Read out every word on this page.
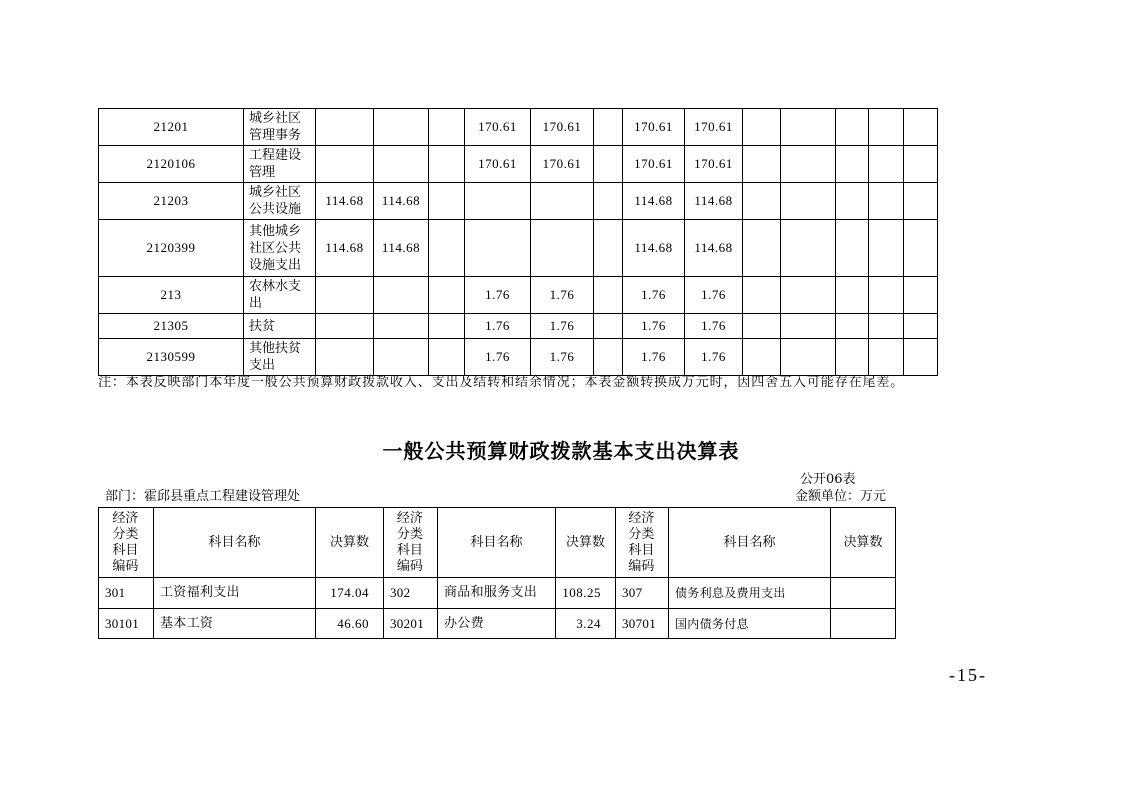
21201	城乡社区管理事务				170.61	170.61		170.61	170.61					
2120106	工程建设管理				170.61	170.61		170.61	170.61					
21203	城乡社区公共设施	114.68	114.68					114.68	114.68					
2120399	其他城乡社区公共设施支出	114.68	114.68					114.68	114.68					
213	农林水支出				1.76	1.76		1.76	1.76					
21305	扶贫				1.76	1.76		1.76	1.76					
2130599	其他扶贫支出				1.76	1.76		1.76	1.76					
注：本表反映部门本年度一般公共预算财政拨款收入、支出及结转和结余情况；本表金额转换成万元时，因四舍五入可能存在尾差。
一般公共预算财政拨款基本支出决算表
公开06表
部门：霍邱县重点工程建设管理处	金额单位：万元
经济分类科目编码	科目名称	决算数	经济分类科目编码	科目名称	决算数	经济分类科目编码	科目名称	决算数
301	工资福利支出	174.04	302	商品和服务支出	108.25	307	债务利息及费用支出	
30101	基本工资	46.60	30201	办公费	3.24	30701	国内债务付息	
-15-
